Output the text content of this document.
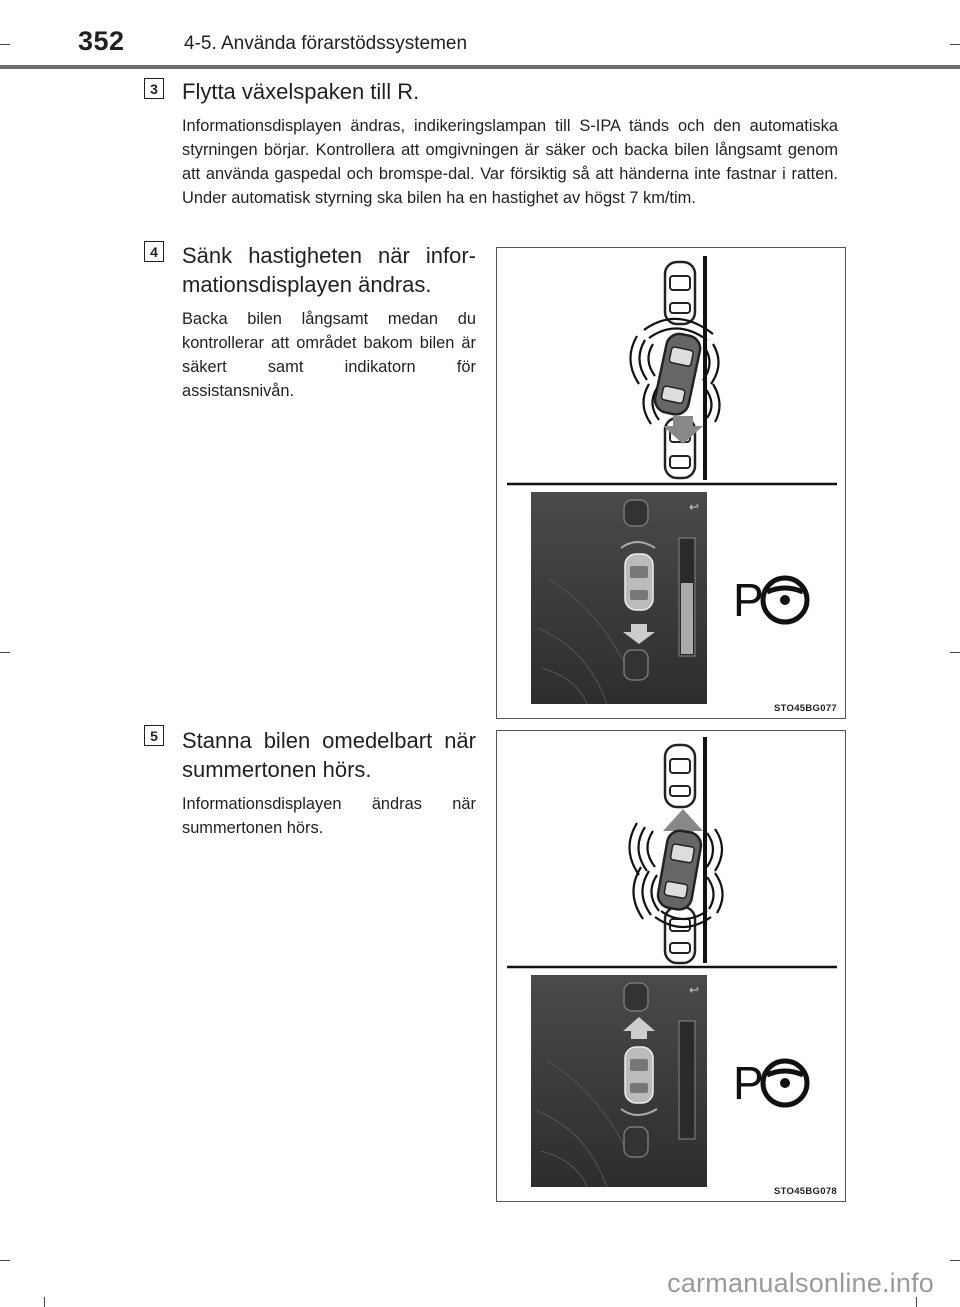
352	4-5. Använda förarstödssystemen
3 Flytta växelspaken till R.
Informationsdisplayen ändras, indikeringslampan till S-IPA tänds och den automatiska styrningen börjar. Kontrollera att omgivningen är säker och backa bilen långsamt genom att använda gaspedal och bromspe-dal. Var försiktig så att händerna inte fastnar i ratten. Under automatisk styrning ska bilen ha en hastighet av högst 7 km/tim.
4 Sänk hastigheten när infor-mationsdisplayen ändras.
Backa bilen långsamt medan du kontrollerar att området bakom bilen är säkert samt indikatorn för assistansnivån.
5 Stanna bilen omedelbart när summertonen hörs.
Informationsdisplayen ändras när summertonen hörs.
↩
P
STO45BG077
↩
P
STO45BG078
carmanualsonline.info
